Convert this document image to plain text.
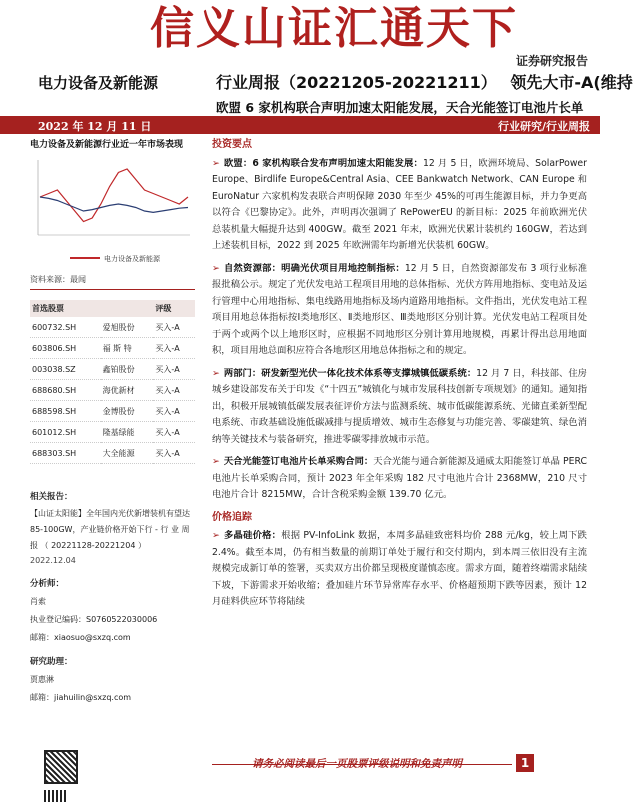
信义山证汇通天下
证券研究报告
电力设备及新能源	行业周报（20221205-20221211） 领先大市-A(维持
欧盟 6 家机构联合声明加速太阳能发展，天合光能签订电池片长单
2022 年 12 月 11 日	行业研究/行业周报
电力设备及新能源行业近一年市场表现
电力设备及新能源
资料来源：最闻
首选股票		评级
600732.SH	爱旭股份	买入-A
603806.SH	福 斯 特	买入-A
003038.SZ	鑫铂股份	买入-A
688680.SH	海优新材	买入-A
688598.SH	金博股份	买入-A
601012.SH	隆基绿能	买入-A
688303.SH	大全能源	买入-A
相关报告：
【山证太阳能】全年国内光伏新增装机有望达 85-100GW，产业链价格开始下行 - 行 业 周 报 （ 20221128-20221204 ）
2022.12.04
分析师：
肖索
执业登记编码：S0760522030006
邮箱：xiaosuo@sxzq.com
研究助理：
贾惠淋
邮箱：jiahuilin@sxzq.com
投资要点
➢ 欧盟：6 家机构联合发布声明加速太阳能发展：12 月 5 日，欧洲环境局、SolarPower Europe、Birdlife Europe&Central Asia、CEE Bankwatch Network、CAN Europe 和 EuroNatur 六家机构发表联合声明保障 2030 年至少 45%的可再生能源目标，并力争更高以符合《巴黎协定》。此外，声明再次强调了 RePowerEU 的新目标：2025 年前欧洲光伏总装机量大幅提升达到 400GW。截至 2021 年末，欧洲光伏累计装机约 160GW，若达到上述装机目标，2022 到 2025 年欧洲需年均新增光伏装机 60GW。
➢ 自然资源部：明确光伏项目用地控制指标：12 月 5 日，自然资源部发布 3 项行业标准报批稿公示。规定了光伏发电站工程项目用地的总体指标、光伏方阵用地指标、变电站及运行管理中心用地指标、集电线路用地指标及场内道路用地指标。文件指出，光伏发电站工程项目用地总体指标按Ⅰ类地形区、Ⅱ类地形区、Ⅲ类地形区分别计算。光伏发电站工程项目处于两个或两个以上地形区时，应根据不同地形区分别计算用地规模，再累计得出总用地面积，项目用地总面积应符合各地形区用地总体指标之和的规定。
➢ 两部门：研发新型光伏一体化技术体系等支撑城镇低碳系统：12 月 7 日，科技部、住房城乡建设部发布关于印发《“十四五”城镇化与城市发展科技创新专项规划》的通知。通知指出，积极开展城镇低碳发展表征评价方法与监测系统、城市低碳能源系统、光储直柔新型配电系统、市政基础设施低碳减排与提质增效、城市生态修复与功能完善、零碳建筑、绿色消纳等关键技术与装备研究，推进零碳零排放城市示范。
➢ 天合光能签订电池片长单采购合同：天合光能与通合新能源及通威太阳能签订单晶 PERC 电池片长单采购合同，预计 2023 年全年采购 182 尺寸电池片合计 2368MW，210 尺寸电池片合计 8215MW，合计含税采购金额 139.70 亿元。
价格追踪
➢ 多晶硅价格：根据 PV-InfoLink 数据，本周多晶硅致密料均价 288 元/kg，较上周下跌 2.4%。截至本周，仍有相当数量的前期订单处于履行和交付期内，到本周三依旧没有主流规模完成新订单的签署，买卖双方出价都呈现极度谨慎态度。需求方面，随着终端需求陆续下坡，下游需求开始收缩；叠加硅片环节异常库存水平、价格超预期下跌等因素，预计 12 月硅料供应环节将陆续
请务必阅读最后一页股票评级说明和免责声明	1
